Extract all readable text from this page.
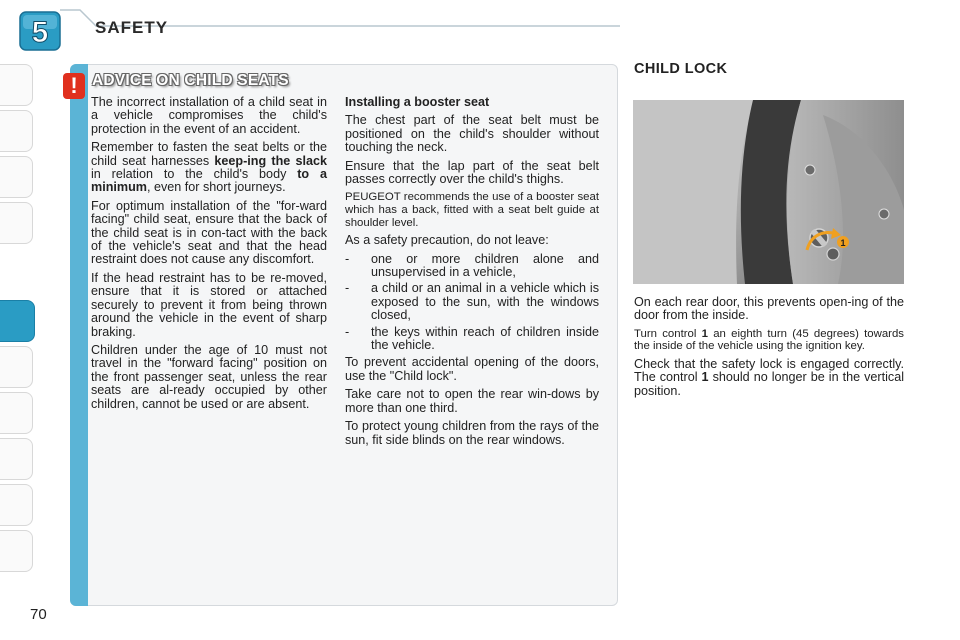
5	SAFETY
! ADVICE ON CHILD SEATS

The incorrect installation of a child seat in a vehicle compromises the child's protection in the event of an accident.

Remember to fasten the seat belts or the child seat harnesses keep-ing the slack in relation to the child's body to a minimum, even for short journeys.

For optimum installation of the "for-ward facing" child seat, ensure that the back of the child seat is in con-tact with the back of the vehicle's seat and that the head restraint does not cause any discomfort.

If the head restraint has to be re-moved, ensure that it is stored or attached securely to prevent it from being thrown around the vehicle in the event of sharp braking.

Children under the age of 10 must not travel in the "forward facing" position on the front passenger seat, unless the rear seats are al-ready occupied by other children, cannot be used or are absent.

Installing a booster seat

The chest part of the seat belt must be positioned on the child's shoulder without touching the neck.

Ensure that the lap part of the seat belt passes correctly over the child's thighs.

PEUGEOT recommends the use of a booster seat which has a back, fitted with a seat belt guide at shoulder level.

As a safety precaution, do not leave:

- one or more children alone and unsupervised in a vehicle,
- a child or an animal in a vehicle which is exposed to the sun, with the windows closed,
- the keys within reach of children inside the vehicle.

To prevent accidental opening of the doors, use the "Child lock".

Take care not to open the rear win-dows by more than one third.

To protect young children from the rays of the sun, fit side blinds on the rear windows.

CHILD LOCK
1

On each rear door, this prevents open-ing of the door from the inside.

Turn control 1 an eighth turn (45 degrees) towards the inside of the vehicle using the ignition key.

Check that the safety lock is engaged correctly. The control 1 should no longer be in the vertical position.

70
